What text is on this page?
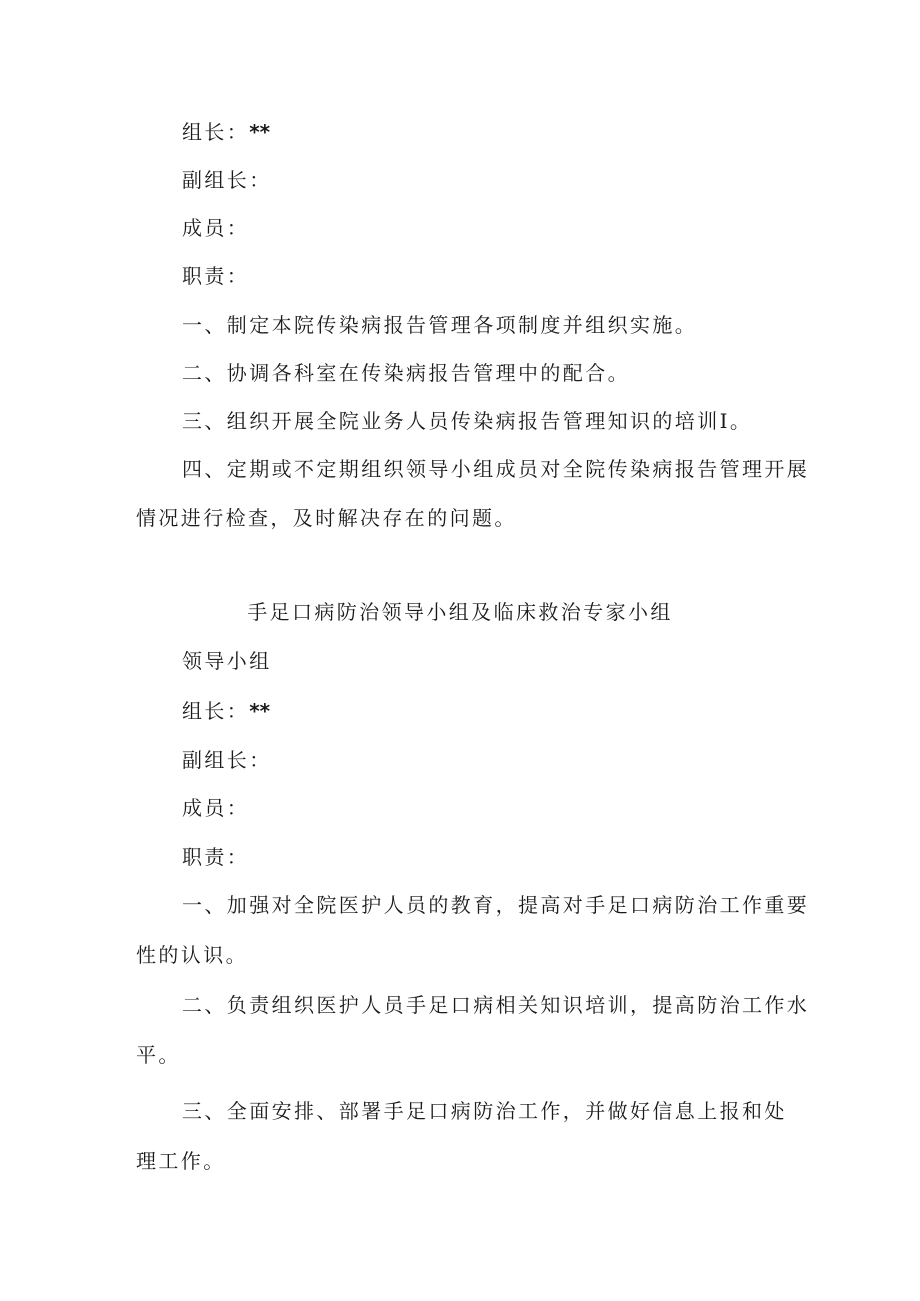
组长：**
副组长：
成员：
职责：
一、制定本院传染病报告管理各项制度并组织实施。
二、协调各科室在传染病报告管理中的配合。
三、组织开展全院业务人员传染病报告管理知识的培训I。
四、定期或不定期组织领导小组成员对全院传染病报告管理开展
情况进行检查，及时解决存在的问题。
手足口病防治领导小组及临床救治专家小组
领导小组
组长：**
副组长：
成员：
职责：
一、加强对全院医护人员的教育，提高对手足口病防治工作重要
性的认识。
二、负责组织医护人员手足口病相关知识培训，提高防治工作水
平。
三、全面安排、部署手足口病防治工作，并做好信息上报和处
理工作。
